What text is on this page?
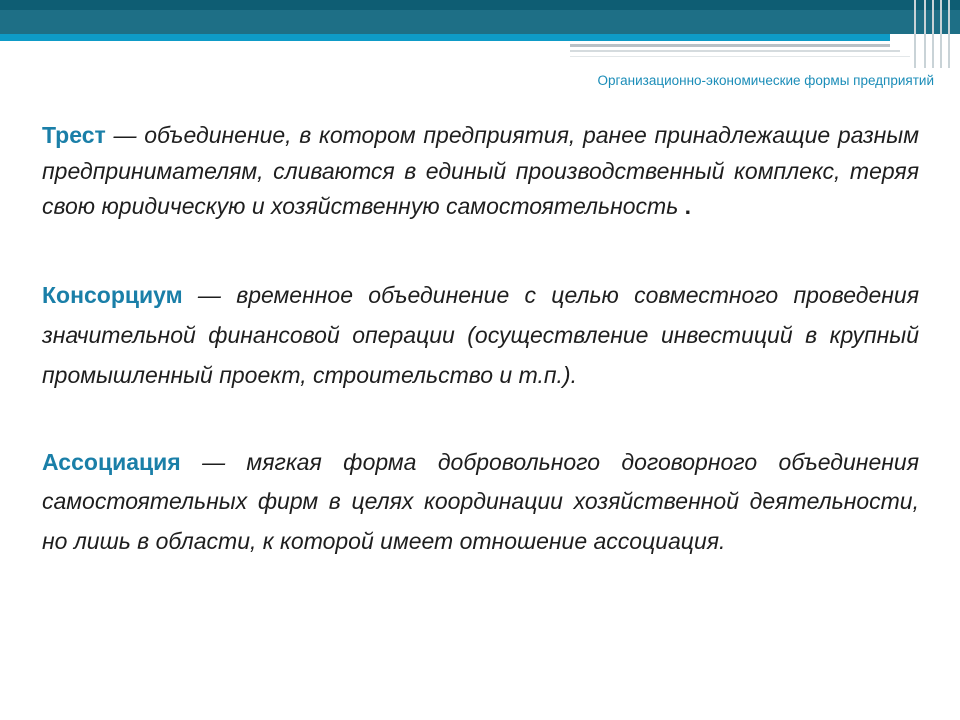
Организационно-экономические формы предприятий

Трест — объединение, в котором предприятия, ранее принадлежащие разным предпринимателям, сливаются в единый производственный комплекс, теряя свою юридическую и хозяйственную самостоятельность .

Консорциум — временное объединение с целью совместного проведения значительной финансовой операции (осуществление инвестиций в крупный промышленный проект, строительство и т.п.).

Ассоциация — мягкая форма добровольного договорного объединения самостоятельных фирм в целях координации хозяйственной деятельности, но лишь в области, к которой имеет отношение ассоциация.
